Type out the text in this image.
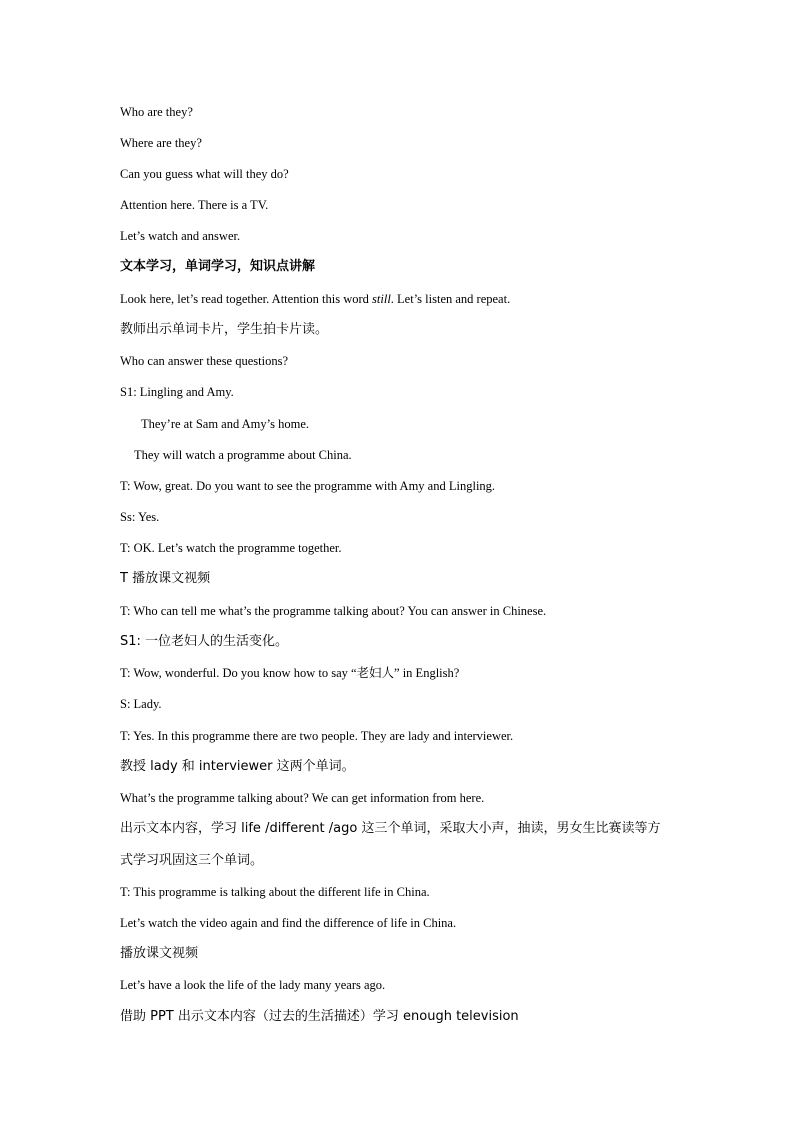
Who are they?
Where are they?
Can you guess what will they do?
Attention here. There is a TV.
Let’s watch and answer.
文本学习，单词学习，知识点讲解
Look here, let’s read together. Attention this word still. Let’s listen and repeat.
教师出示单词卡片，学生拍卡片读。
Who can answer these questions?
S1: Lingling and Amy.
They’re at Sam and Amy’s home.
They will watch a programme about China.
T: Wow, great. Do you want to see the programme with Amy and Lingling.
Ss: Yes.
T: OK. Let’s watch the programme together.
T 播放课文视频
T: Who can tell me what’s the programme talking about? You can answer in Chinese.
S1: 一位老妇人的生活变化。
T: Wow, wonderful. Do you know how to say “老妇人” in English?
S: Lady.
T: Yes. In this programme there are two people. They are lady and interviewer.
教授 lady 和 interviewer 这两个单词。
What’s the programme talking about? We can get information from here.
出示文本内容，学习 life /different /ago 这三个单词，采取大小声，抽读，男女生比赛读等方
式学习巩固这三个单词。
T: This programme is talking about the different life in China.
Let’s watch the video again and find the difference of life in China.
播放课文视频
Let’s have a look the life of the lady many years ago.
借助 PPT 出示文本内容（过去的生活描述）学习 enough television
